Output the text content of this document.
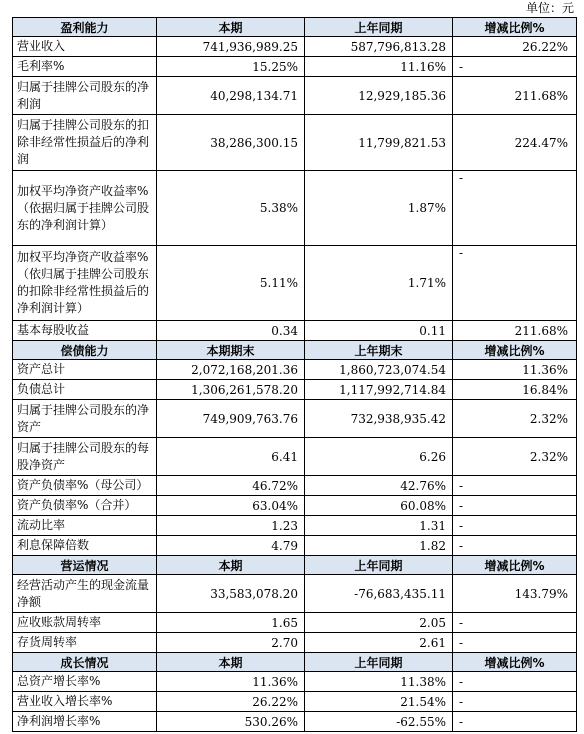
单位：元
盈利能力	本期	上年同期	增减比例%
营业收入	741,936,989.25	587,796,813.28	26.22%
毛利率%	15.25%	11.16%	-
归属于挂牌公司股东的净利润	40,298,134.71	12,929,185.36	211.68%
归属于挂牌公司股东的扣除非经常性损益后的净利润	38,286,300.15	11,799,821.53	224.47%
加权平均净资产收益率%（依据归属于挂牌公司股东的净利润计算）	5.38%	1.87%	-
加权平均净资产收益率%（依归属于挂牌公司股东的扣除非经常性损益后的净利润计算）	5.11%	1.71%	-
基本每股收益	0.34	0.11	211.68%
偿债能力	本期期末	上年期末	增减比例%
资产总计	2,072,168,201.36	1,860,723,074.54	11.36%
负债总计	1,306,261,578.20	1,117,992,714.84	16.84%
归属于挂牌公司股东的净资产	749,909,763.76	732,938,935.42	2.32%
归属于挂牌公司股东的每股净资产	6.41	6.26	2.32%
资产负债率%（母公司）	46.72%	42.76%	-
资产负债率%（合并）	63.04%	60.08%	-
流动比率	1.23	1.31	-
利息保障倍数	4.79	1.82	-
营运情况	本期	上年同期	增减比例%
经营活动产生的现金流量净额	33,583,078.20	-76,683,435.11	143.79%
应收账款周转率	1.65	2.05	-
存货周转率	2.70	2.61	-
成长情况	本期	上年同期	增减比例%
总资产增长率%	11.36%	11.38%	-
营业收入增长率%	26.22%	21.54%	-
净利润增长率%	530.26%	-62.55%	-
